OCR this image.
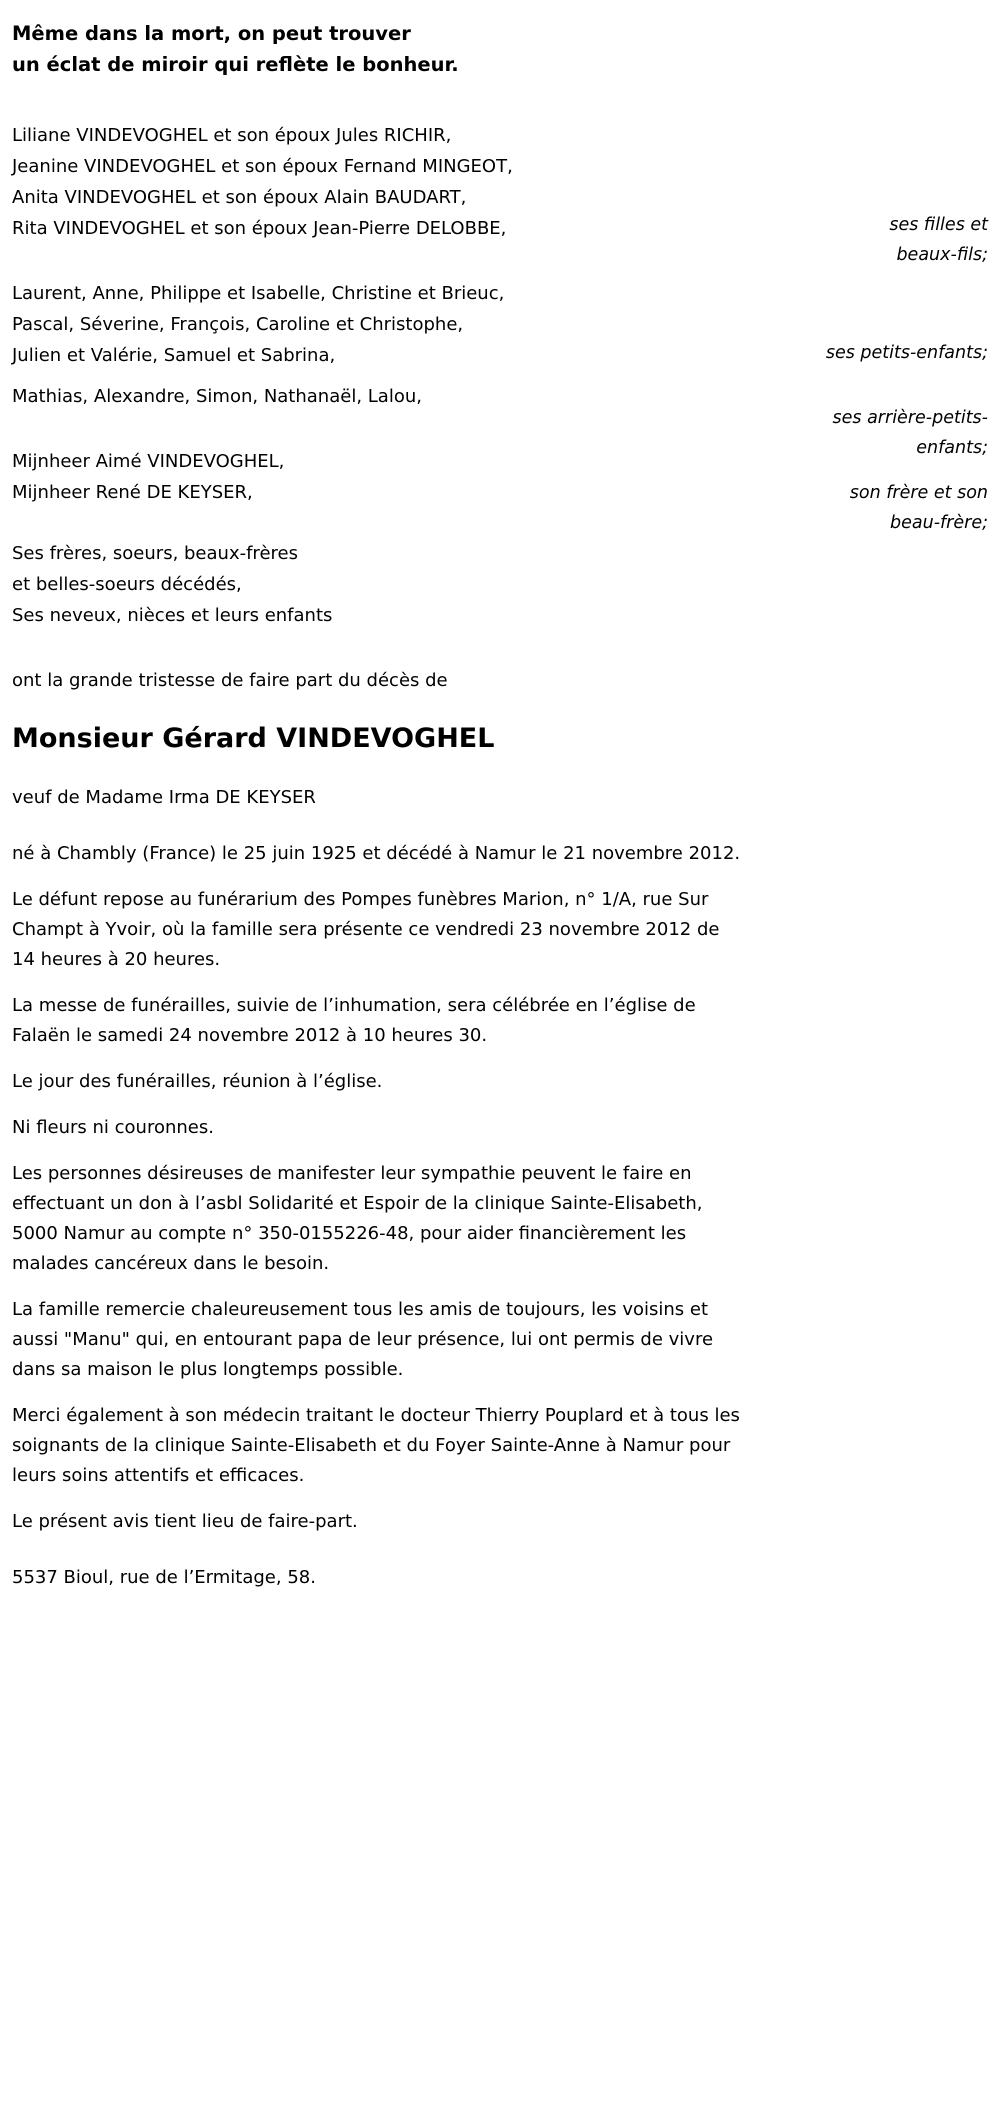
Même dans la mort, on peut trouver
un éclat de miroir qui reflète le bonheur.
Liliane VINDEVOGHEL et son époux Jules RICHIR,
Jeanine VINDEVOGHEL et son époux Fernand MINGEOT,
Anita VINDEVOGHEL et son époux Alain BAUDART,
Rita VINDEVOGHEL et son époux Jean-Pierre DELOBBE,	ses filles et
beaux-fils;
Laurent, Anne, Philippe et Isabelle, Christine et Brieuc,
Pascal, Séverine, François, Caroline et Christophe,
Julien et Valérie, Samuel et Sabrina,	ses petits-enfants;
Mathias, Alexandre, Simon, Nathanaël, Lalou,
ses arrière-petits-
enfants;
Mijnheer Aimé VINDEVOGHEL,
Mijnheer René DE KEYSER,	son frère et son
beau-frère;
Ses frères, soeurs, beaux-frères
et belles-soeurs décédés,
Ses neveux, nièces et leurs enfants
ont la grande tristesse de faire part du décès de
Monsieur Gérard VINDEVOGHEL
veuf de Madame Irma DE KEYSER

né à Chambly (France) le 25 juin 1925 et décédé à Namur le 21 novembre 2012.

Le défunt repose au funérarium des Pompes funèbres Marion, n° 1/A, rue Sur Champt à Yvoir, où la famille sera présente ce vendredi 23 novembre 2012 de 14 heures à 20 heures.

La messe de funérailles, suivie de l’inhumation, sera célébrée en l’église de Falaën le samedi 24 novembre 2012 à 10 heures 30.

Le jour des funérailles, réunion à l’église.

Ni fleurs ni couronnes.

Les personnes désireuses de manifester leur sympathie peuvent le faire en effectuant un don à l’asbl Solidarité et Espoir de la clinique Sainte-Elisabeth, 5000 Namur au compte n° 350-0155226-48, pour aider financièrement les malades cancéreux dans le besoin.

La famille remercie chaleureusement tous les amis de toujours, les voisins et aussi "Manu" qui, en entourant papa de leur présence, lui ont permis de vivre dans sa maison le plus longtemps possible.

Merci également à son médecin traitant le docteur Thierry Pouplard et à tous les soignants de la clinique Sainte-Elisabeth et du Foyer Sainte-Anne à Namur pour leurs soins attentifs et efficaces.

Le présent avis tient lieu de faire-part.

5537 Bioul, rue de l’Ermitage, 58.
